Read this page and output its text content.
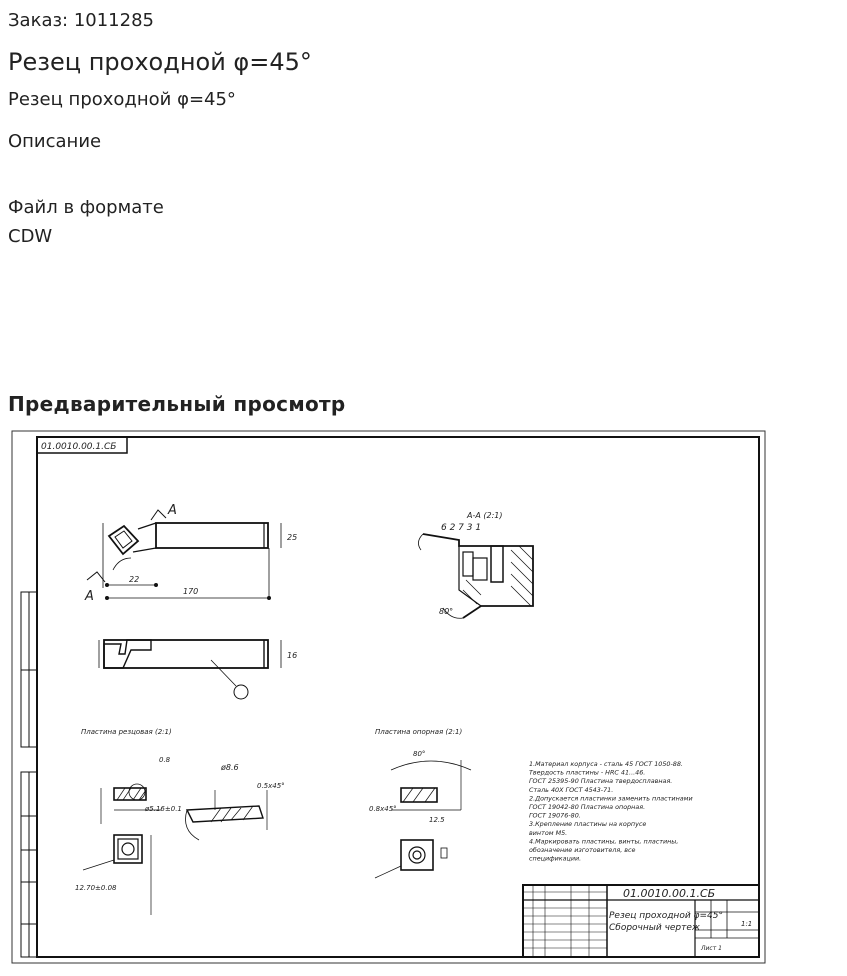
Заказ: 1011285
Резец проходной φ=45°
Резец проходной φ=45°
Описание
Файл в формате CDW
Предварительный просмотр
01.0010.00.1.СБ
А
А	170
22
25
16
А-А (2:1)
6 2 7 3 1
80°
Пластина резцовая (2:1)	Пластина опорная (2:1)
ø5.16±0.1
0.8
12.70±0.08
ø8.6
0.5x45°
80°
0.8x45°
12.5
1.Материал корпуса - сталь 45 ГОСТ 1050-88.
Твердость пластины - HRC 41...46.
ГОСТ 25395-90 Пластина твердосплавная.
Сталь 40Х ГОСТ 4543-71.
2.Допускается пластинки заменить пластинами
ГОСТ 19042-80 Пластина опорная.
ГОСТ 19076-80.
3.Крепление пластины на корпусе
винтом М5.
4.Маркировать пластины, винты, пластины,
обозначение изготовителя, все
спецификации.
01.0010.00.1.СБ
Резец проходной φ=45°
Сборочный чертеж	1:1
Лист 1
